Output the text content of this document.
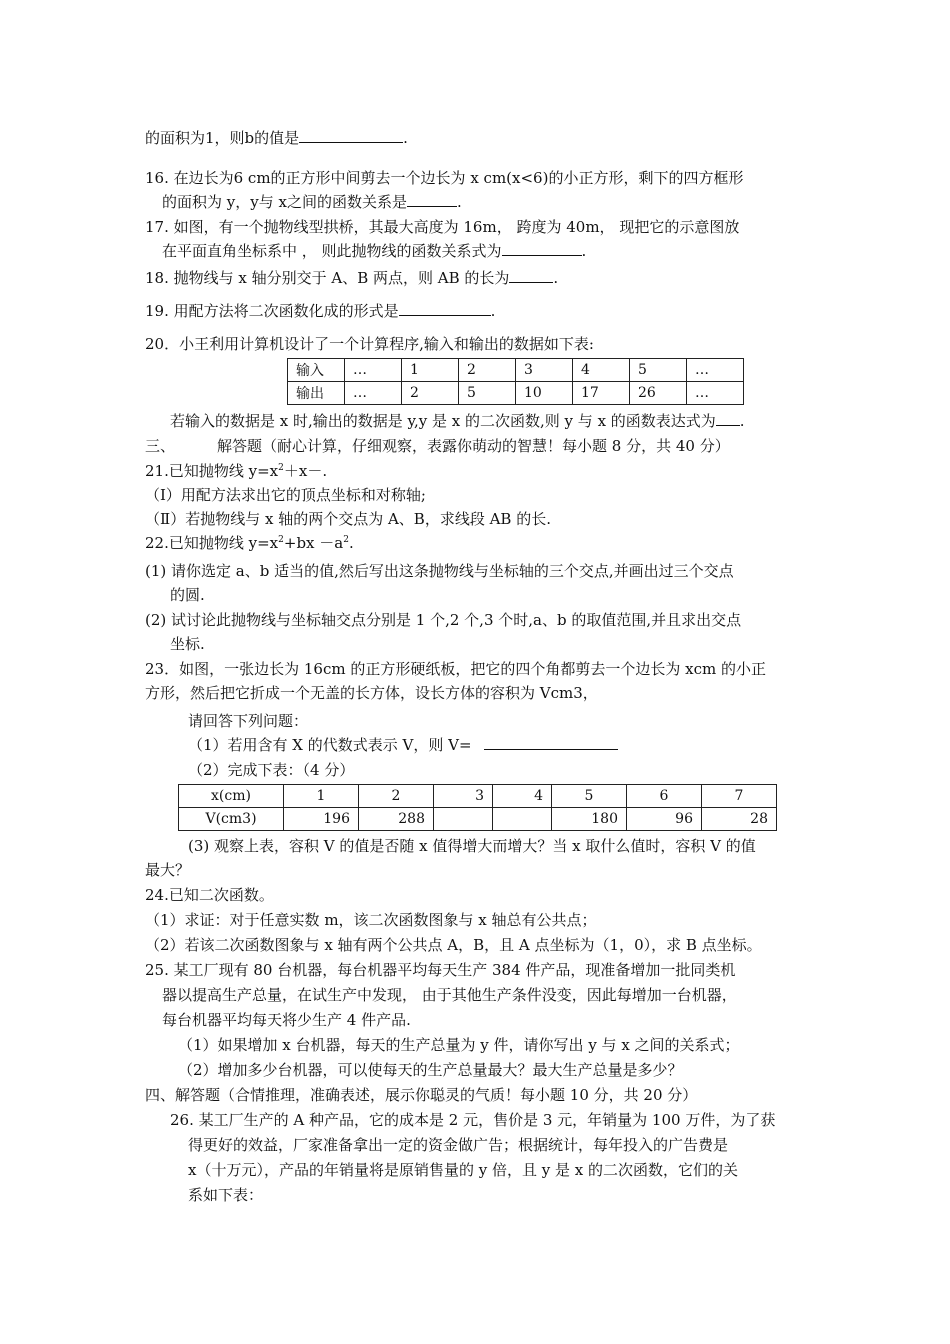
的面积为1，则b的值是	.
16. 在边长为6 cm的正方形中间剪去一个边长为 x cm(x<6)的小正方形，剩下的四方框形
的面积为 y，y与 x之间的函数关系是	.
17. 如图，有一个抛物线型拱桥，其最大高度为 16m， 跨度为 40m， 现把它的示意图放
在平面直角坐标系中 ， 则此抛物线的函数关系式为	.
18. 抛物线与 x 轴分别交于 A、B 两点，则 AB 的长为	.
19. 用配方法将二次函数化成的形式是	.
20．小王利用计算机设计了一个计算程序,输入和输出的数据如下表:
输入	…	1	2	3	4	5	…
输出	…	2	5	10	17	26	…
若输入的数据是 x 时,输出的数据是 y,y 是 x 的二次函数,则 y 与 x 的函数表达式为 .
三、	解答题（耐心计算，仔细观察，表露你萌动的智慧！每小题 8 分，共 40 分）
21.已知抛物线 $y=x^2+x-$.
（Ⅰ）用配方法求出它的顶点坐标和对称轴;
（Ⅱ）若抛物线与 x 轴的两个交点为 A、B，求线段 AB 的长.
22.已知抛物线 $y=x^2+bx -a^2$.
(1) 请你选定 a、b 适当的值,然后写出这条抛物线与坐标轴的三个交点,并画出过三个交点
的圆.
(2) 试讨论此抛物线与坐标轴交点分别是 1 个,2 个,3 个时,a、b 的取值范围,并且求出交点
坐标.
23．如图，一张边长为 16cm 的正方形硬纸板，把它的四个角都剪去一个边长为 xcm 的小正
方形，然后把它折成一个无盖的长方体，设长方体的容积为 Vcm3，
请回答下列问题：
（1）若用含有 X 的代数式表示 V，则 V=
（2）完成下表：（4 分）
x(cm)	1	2	3	4	5	6	7
V(cm3)	196	288			180	96	28
(3) 观察上表，容积 V 的值是否随 x 值得增大而增大？当 x 取什么值时，容积 V 的值
最大？
24.已知二次函数。
（1）求证：对于任意实数 m，该二次函数图象与 x 轴总有公共点；
（2）若该二次函数图象与 x 轴有两个公共点 A，B，且 A 点坐标为（1，0），求 B 点坐标。
25. 某工厂现有 80 台机器，每台机器平均每天生产 384 件产品，现准备增加一批同类机
器以提高生产总量，在试生产中发现， 由于其他生产条件没变，因此每增加一台机器，
每台机器平均每天将少生产 4 件产品.
（1）如果增加 x 台机器，每天的生产总量为 y 件，请你写出 y 与 x 之间的关系式；
（2）增加多少台机器，可以使每天的生产总量最大？最大生产总量是多少？
四、解答题（合情推理，准确表述，展示你聪灵的气质！每小题 10 分，共 20 分）
26. 某工厂生产的 A 种产品，它的成本是 2 元，售价是 3 元，年销量为 100 万件，为了获
得更好的效益，厂家准备拿出一定的资金做广告；根据统计，每年投入的广告费是
x（十万元），产品的年销量将是原销售量的 y 倍，且 y 是 x 的二次函数，它们的关
系如下表：
